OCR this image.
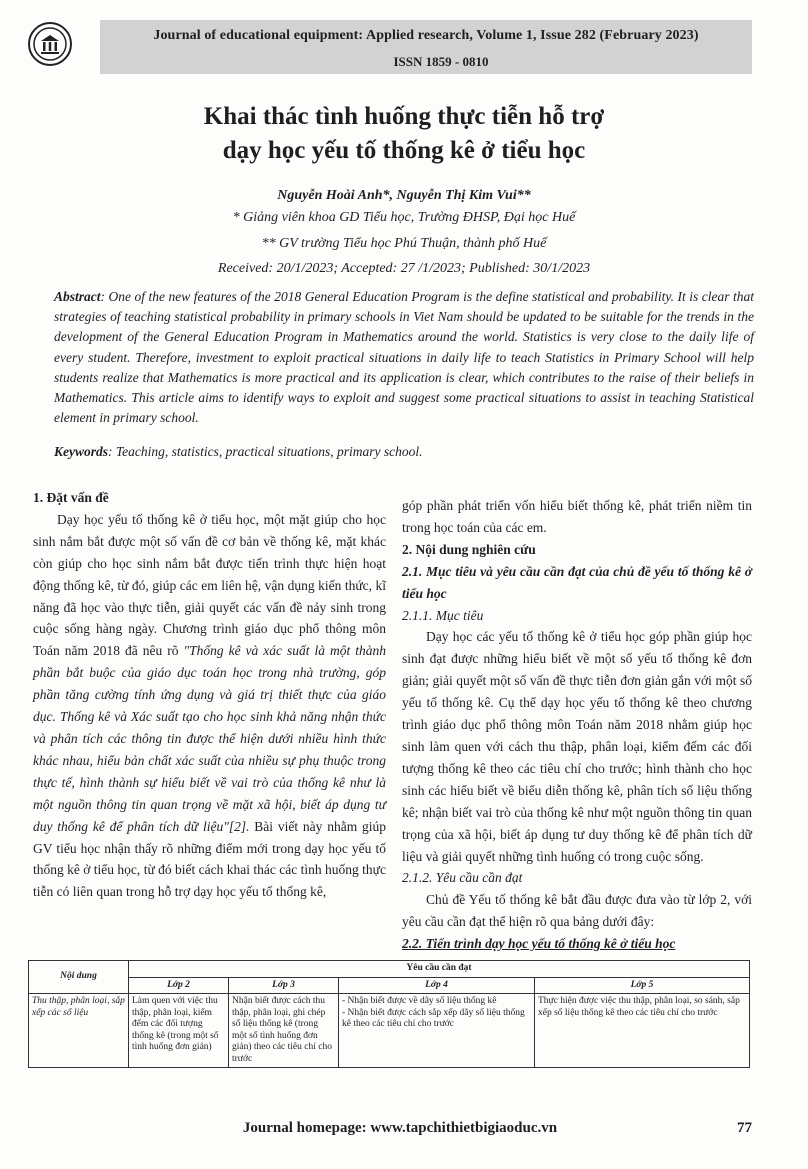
Journal of educational equipment: Applied research, Volume 1, Issue 282 (February 2023)
ISSN 1859 - 0810
Khai thác tình huống thực tiễn hỗ trợ
dạy học yếu tố thống kê ở tiểu học
Nguyễn Hoài Anh*, Nguyễn Thị Kim Vui**
* Giảng viên khoa GD Tiểu học, Trường ĐHSP, Đại học Huế
** GV trường Tiểu học Phú Thuận, thành phố Huế
Received: 20/1/2023; Accepted: 27 /1/2023; Published: 30/1/2023
Abstract: One of the new features of the 2018 General Education Program is the define statistical and probability. It is clear that strategies of teaching statistical probability in primary schools in Viet Nam should be updated to be suitable for the trends in the development of the General Education Program in Mathematics around the world. Statistics is very close to the daily life of every student. Therefore, investment to exploit practical situations in daily life to teach Statistics in Primary School will help students realize that Mathematics is more practical and its application is clear, which contributes to the raise of their beliefs in Mathematics. This article aims to identify ways to exploit and suggest some practical situations to assist in teaching Statistical element in primary school.
Keywords: Teaching, statistics, practical situations, primary school.
1. Đặt vấn đề

Dạy học yếu tố thống kê ở tiểu học, một mặt giúp cho học sinh nắm bắt được một số vấn đề cơ bản về thống kê, mặt khác còn giúp cho học sinh nắm bắt được tiến trình thực hiện hoạt động thống kê, từ đó, giúp các em liên hệ, vận dụng kiến thức, kĩ năng đã học vào thực tiễn, giải quyết các vấn đề nảy sinh trong cuộc sống hàng ngày. Chương trình giáo dục phổ thông môn Toán năm 2018 đã nêu rõ "Thống kê và xác suất là một thành phần bắt buộc của giáo dục toán học trong nhà trường, góp phần tăng cường tính ứng dụng và giá trị thiết thực của giáo dục. Thống kê và Xác suất tạo cho học sinh khả năng nhận thức và phân tích các thông tin được thể hiện dưới nhiều hình thức khác nhau, hiểu bản chất xác suất của nhiều sự phụ thuộc trong thực tế, hình thành sự hiểu biết về vai trò của thống kê như là một nguồn thông tin quan trọng về mặt xã hội, biết áp dụng tư duy thống kê để phân tích dữ liệu"[2]. Bài viết này nhằm giúp GV tiểu học nhận thấy rõ những điểm mới trong dạy học yếu tố thống kê ở tiểu học, từ đó biết cách khai thác các tình huống thực tiễn có liên quan trong hỗ trợ dạy học yếu tố thống kê,

góp phần phát triển vốn hiểu biết thống kê, phát triển niềm tin trong học toán của các em.

2. Nội dung nghiên cứu
2.1. Mục tiêu và yêu cầu cần đạt của chủ đề yếu tố thống kê ở tiểu học
2.1.1. Mục tiêu

Dạy học các yếu tố thống kê ở tiểu học góp phần giúp học sinh đạt được những hiểu biết về một số yếu tố thống kê đơn giản; giải quyết một số vấn đề thực tiễn đơn giản gắn với một số yếu tố thống kê. Cụ thể dạy học yếu tố thống kê theo chương trình giáo dục phổ thông môn Toán năm 2018 nhằm giúp học sinh làm quen với cách thu thập, phân loại, kiểm đếm các đối tượng thống kê theo các tiêu chí cho trước; hình thành cho học sinh các hiểu biết về biểu diễn thống kê, phân tích số liệu thống kê; nhận biết vai trò của thống kê như một nguồn thông tin quan trọng của xã hội, biết áp dụng tư duy thống kê để phân tích dữ liệu và giải quyết những tình huống có trong cuộc sống.

2.1.2. Yêu cầu cần đạt

Chủ đề Yếu tố thống kê bắt đầu được đưa vào từ lớp 2, với yêu cầu cần đạt thể hiện rõ qua bảng dưới đây:

2.2. Tiến trình dạy học yếu tố thống kê ở tiểu học
Nội dung	Yêu cầu cần đạt			
	Lớp 2	Lớp 3	Lớp 4	Lớp 5
Thu thập, phân loại, sắp xếp các số liệu	Làm quen với việc thu thập, phân loại, kiểm đếm các đối tượng thống kê (trong một số tình huống đơn giản)	Nhận biết được cách thu thập, phân loại, ghi chép số liệu thống kê (trong một số tình huống đơn giản) theo các tiêu chí cho trước	- Nhận biết được về dãy số liệu thống kê
- Nhận biết được cách sắp xếp dãy số liệu thống kê theo các tiêu chí cho trước	Thực hiện được việc thu thập, phân loại, so sánh, sắp xếp số liệu thống kê theo các tiêu chí cho trước
Journal homepage: www.tapchithietbigiaoduc.vn	77
